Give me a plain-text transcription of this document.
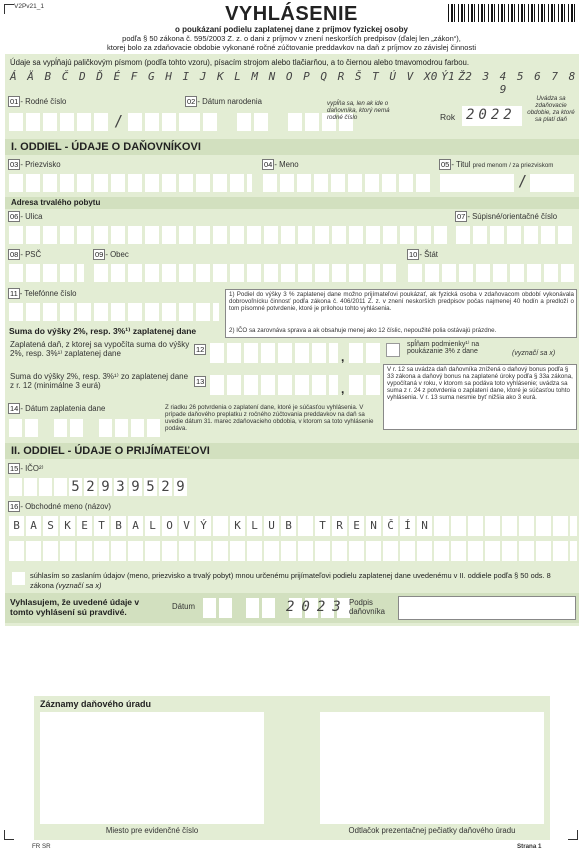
V2Pv21_1	VYHLÁSENIE
o poukázaní podielu zaplatenej dane z príjmov fyzickej osoby
podľa § 50 zákona č. 595/2003 Z. z. o dani z príjmov v znení neskorších predpisov (ďalej len „zákon“),
ktorej bolo za zdaňovacie obdobie vykonané ročné zúčtovanie preddavkov na daň z príjmov zo závislej činnosti
Údaje sa vypĺňajú paličkovým písmom (podľa tohto vzoru), písacím strojom alebo tlačiarňou, a to čiernou alebo tmavomodrou farbou.
Á Ä B Č D Ď É F G H I J K L M N O P Q R Š T Ú V X Ý Ž
0 1 2 3 4 5 6 7 8 9
01 - Rodné číslo
/
02 - Dátum narodenia	vypĺňa sa, len ak ide o daňovníka, ktorý nemá rodné číslo	Rok 2022
Uvádza sa zdaňovacie obdobie, za ktoré sa platí daň
I. ODDIEL - ÚDAJE O DAŇOVNÍKOVI
03 - Priezvisko	04 - Meno	05 - Titul pred menom / za priezviskom
/
Adresa trvalého pobytu
06 - Ulica	07 - Súpisné/orientačné číslo
08 - PSČ	09 - Obec	10 - Štát
11 - Telefónne číslo	1) Podiel do výšky 3 % zaplatenej dane možno prijímateľovi poukázať, ak fyzická osoba v zdaňovacom období vykonávala dobrovoľnícku činnosť podľa zákona č. 406/2011 Z. z. v znení neskorších predpisov počas najmenej 40 hodín a predloží o tom písomné potvrdenie, ktoré je prílohou tohto vyhlásenia.
2) IČO sa zarovnáva sprava a ak obsahuje menej ako 12 číslic, nepoužité polia ostávajú prázdne.
Suma do výšky 2%, resp. 3%¹⁾ zaplatenej dane
Zaplatená daň, z ktorej sa vypočíta suma do výšky 2%, resp. 3%¹⁾ zaplatenej dane	12
,
spĺňam podmienky¹⁾ na poukázanie 3% z dane	(vyznačí sa x)
V r. 12 sa uvádza daň daňovníka znížená o daňový bonus podľa § 33 zákona a daňový bonus na zaplatené úroky podľa § 33a zákona, vypočítaná v roku, v ktorom sa podáva toto vyhlásenie; uvádza sa suma z r. 24 z potvrdenia o zaplatení dane, ktoré je súčasťou tohto vyhlásenia. V r. 13 suma nesmie byť nižšia ako 3 eurá.
Suma do výšky 2%, resp. 3%¹⁾ zo zaplatenej dane z r. 12 (minimálne 3 eurá)	13
,
14 - Dátum zaplatenia dane	Z riadku 26 potvrdenia o zaplatení dane, ktoré je súčasťou vyhlásenia. V prípade daňového preplatku z ročného zúčtovania preddavkov na daň sa uvedie dátum 31. marec zdaňovacieho obdobia, v ktorom sa toto vyhlásenie podáva.
II. ODDIEL - ÚDAJE O PRIJÍMATEĽOVI
15 - IČO²⁾
5 2 9 3 9 5 2 9
16 - Obchodné meno (názov)
B A S K E T B A L O V Ý	K L U B	T R E N Č Í N
súhlasím so zaslaním údajov (meno, priezvisko a trvalý pobyt) mnou určenému prijímateľovi podielu zaplatenej dane uvedenému v II. oddiele podľa § 50 ods. 8 zákona (vyznačí sa x)
Vyhlasujem, že uvedené údaje v tomto vyhlásení sú pravdivé.
Dátum	2023 Podpis daňovníka
Záznamy daňového úradu
Miesto pre evidenčné číslo	Odtlačok prezentačnej pečiatky daňového úradu
FR SR	Strana 1
